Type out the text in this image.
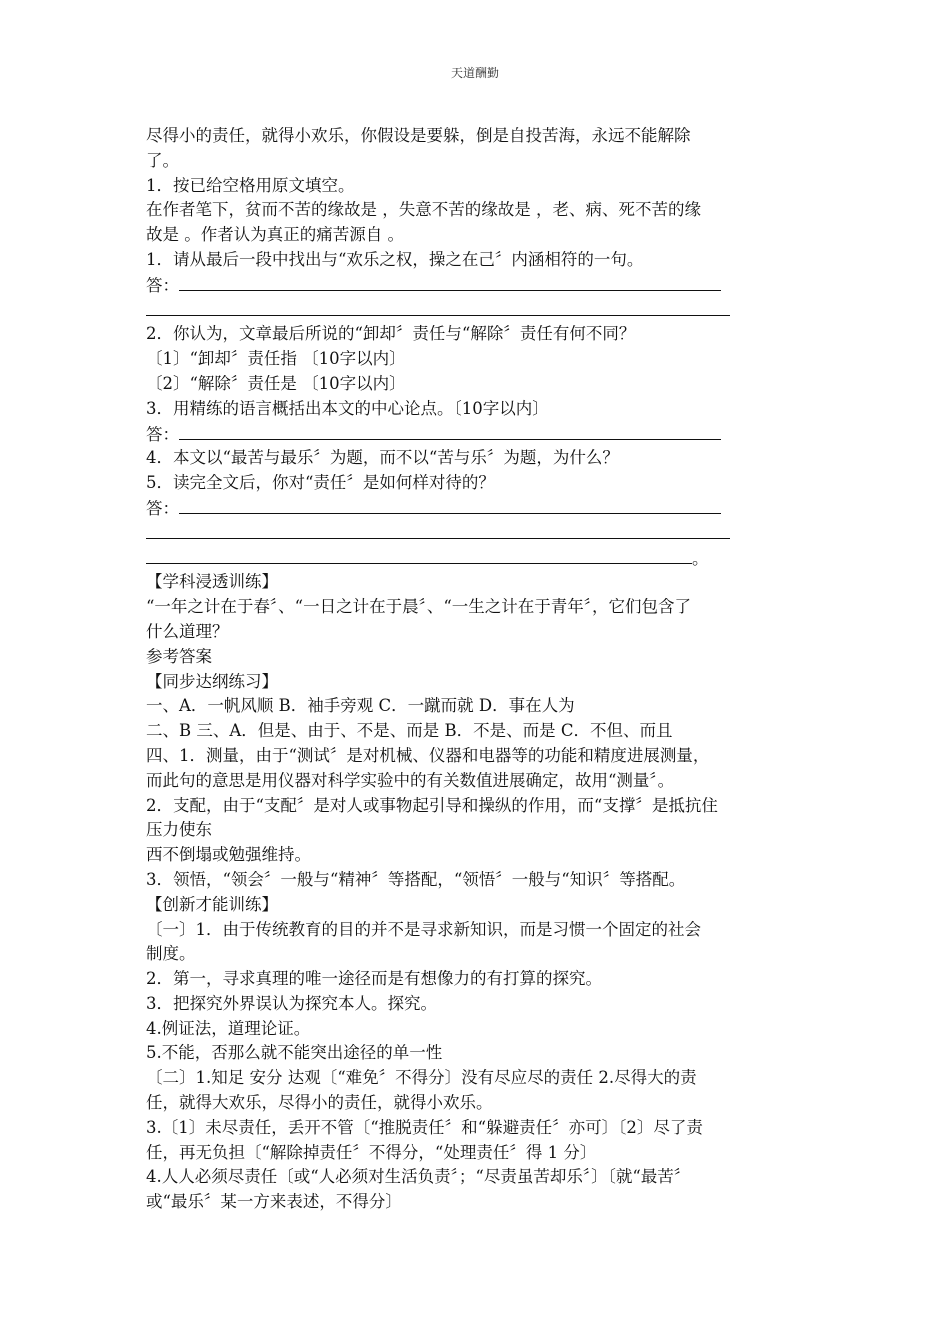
天道酬勤
尽得小的责任，就得小欢乐，你假设是要躲，倒是自投苦海，永远不能解除
了。
1．按已给空格用原文填空。
在作者笔下，贫而不苦的缘故是 ，失意不苦的缘故是 ，老、病、死不苦的缘
故是 。作者认为真正的痛苦源自 。
1．请从最后一段中找出与“欢乐之权，操之在己〞内涵相符的一句。
答：
2．你认为，文章最后所说的“卸却〞责任与“解除〞责任有何不同？
〔1〕“卸却〞责任指 〔10字以内〕
〔2〕“解除〞责任是 〔10字以内〕
3．用精练的语言概括出本文的中心论点。〔10字以内〕
答：
4．本文以“最苦与最乐〞为题，而不以“苦与乐〞为题，为什么？
5．读完全文后，你对“责任〞是如何样对待的？
答：
。
【学科浸透训练】
“一年之计在于春〞、“一日之计在于晨〞、“一生之计在于青年〞，它们包含了
什么道理？
参考答案
【同步达纲练习】
一、A．一帆风顺 B．袖手旁观 C．一蹴而就 D．事在人为
二、B 三、A．但是、由于、不是、而是 B．不是、而是 C．不但、而且
四、1．测量，由于“测试〞是对机械、仪器和电器等的功能和精度进展测量，
而此句的意思是用仪器对科学实验中的有关数值进展确定，故用“测量〞。
2．支配，由于“支配〞是对人或事物起引导和操纵的作用，而“支撑〞是抵抗住
压力使东
西不倒塌或勉强维持。
3．领悟，“领会〞一般与“精神〞等搭配，“领悟〞一般与“知识〞等搭配。
【创新才能训练】
〔一〕1．由于传统教育的目的并不是寻求新知识，而是习惯一个固定的社会
制度。
2．第一，寻求真理的唯一途径而是有想像力的有打算的探究。
3．把探究外界误认为探究本人。探究。
4.例证法，道理论证。
5.不能，否那么就不能突出途径的单一性
〔二〕1.知足 安分 达观〔“难免〞不得分〕没有尽应尽的责任 2.尽得大的责
任，就得大欢乐，尽得小的责任，就得小欢乐。
3.〔1〕未尽责任，丢开不管〔“推脱责任〞和“躲避责任〞亦可〕〔2〕尽了责
任，再无负担〔“解除掉责任〞不得分，“处理责任〞得 1 分〕
4.人人必须尽责任〔或“人必须对生活负责〞；“尽责虽苦却乐〞〕〔就“最苦〞
或“最乐〞某一方来表述，不得分〕
